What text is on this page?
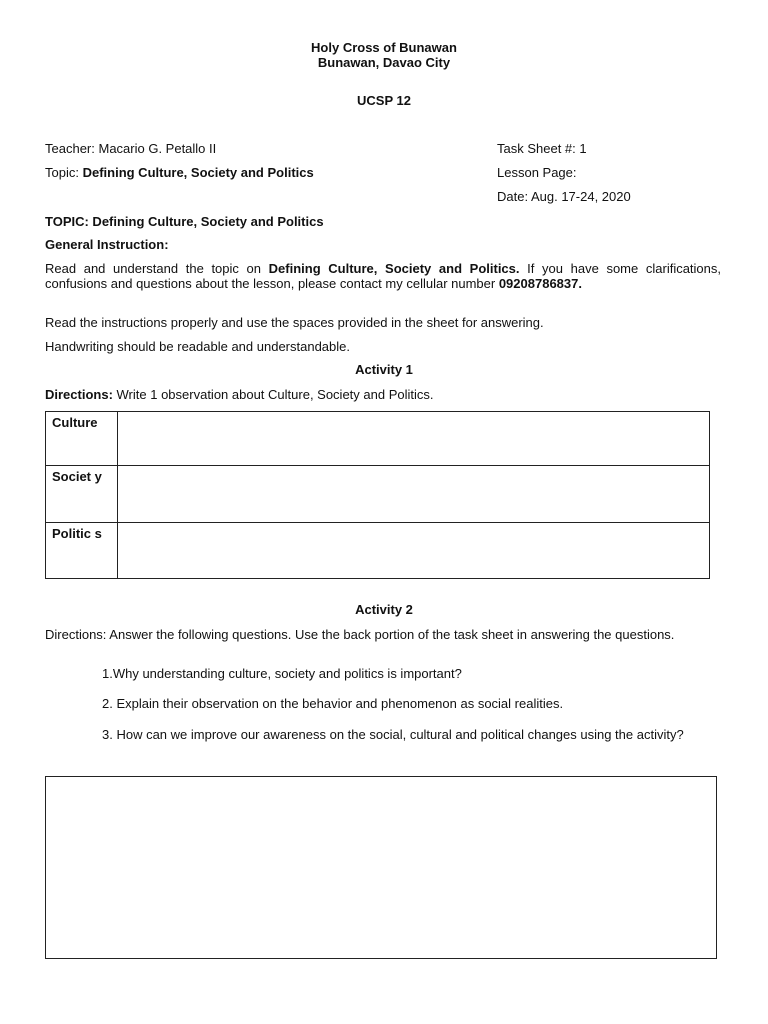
Holy Cross of Bunawan
Bunawan, Davao City
UCSP 12
Teacher: Macario G. Petallo II
Topic: Defining Culture, Society and Politics
Task Sheet #: 1
Lesson Page:
Date: Aug. 17-24, 2020
TOPIC: Defining Culture, Society and Politics
General Instruction:
Read and understand the topic on Defining Culture, Society and Politics. If you have some clarifications, confusions and questions about the lesson, please contact my cellular number 09208786837.
Read the instructions properly and use the spaces provided in the sheet for answering.
Handwriting should be readable and understandable.
Activity 1
Directions: Write 1 observation about Culture, Society and Politics.
Culture	
Societ y	
Politic s	
Activity 2
Directions: Answer the following questions. Use the back portion of the task sheet in answering the questions.
1.Why understanding culture, society and politics is important?
2. Explain their observation on the behavior and phenomenon as social realities.
3. How can we improve our awareness on the social, cultural and political changes using the activity?
